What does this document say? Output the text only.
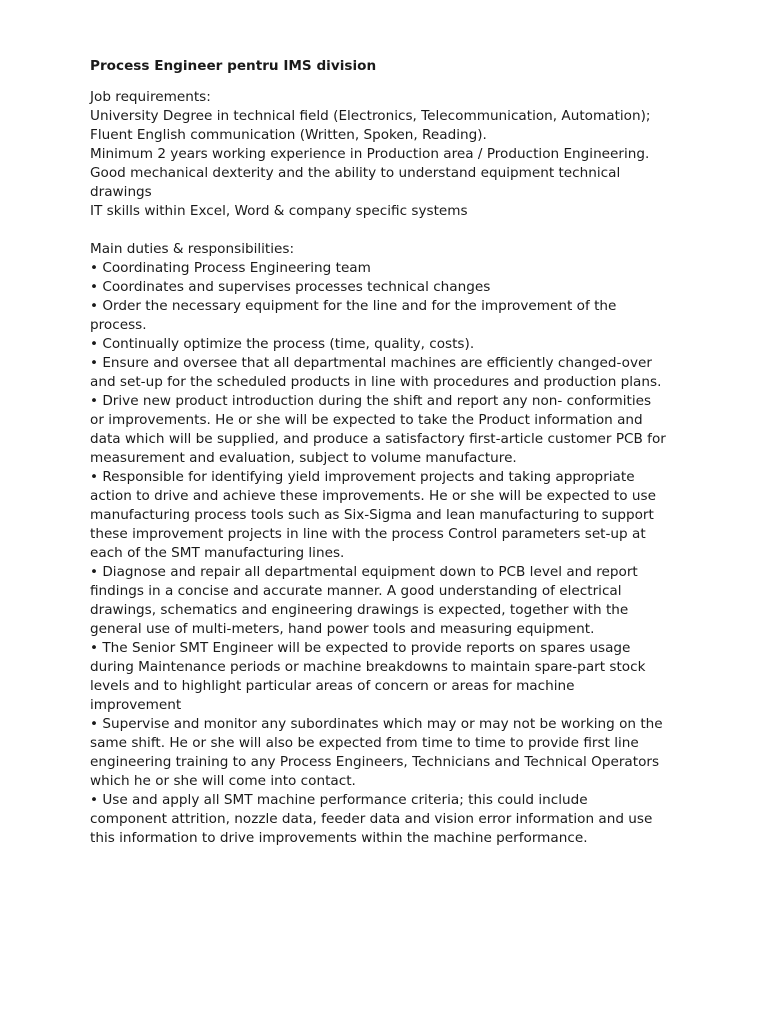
Process Engineer pentru IMS division
Job requirements:
University Degree in technical field (Electronics, Telecommunication, Automation);
Fluent English communication (Written, Spoken, Reading).
Minimum 2 years working experience in Production area / Production Engineering.
Good mechanical dexterity and the ability to understand equipment technical
drawings
IT skills within Excel, Word & company specific systems
Main duties & responsibilities:
• Coordinating Process Engineering team
• Coordinates and supervises processes technical changes
• Order the necessary equipment for the line and for the improvement of the
process.
• Continually optimize the process (time, quality, costs).
• Ensure and oversee that all departmental machines are efficiently changed-over
and set-up for the scheduled products in line with procedures and production plans.
• Drive new product introduction during the shift and report any non- conformities
or improvements. He or she will be expected to take the Product information and
data which will be supplied, and produce a satisfactory first-article customer PCB for
measurement and evaluation, subject to volume manufacture.
• Responsible for identifying yield improvement projects and taking appropriate
action to drive and achieve these improvements. He or she will be expected to use
manufacturing process tools such as Six-Sigma and lean manufacturing to support
these improvement projects in line with the process Control parameters set-up at
each of the SMT manufacturing lines.
• Diagnose and repair all departmental equipment down to PCB level and report
findings in a concise and accurate manner. A good understanding of electrical
drawings, schematics and engineering drawings is expected, together with the
general use of multi-meters, hand power tools and measuring equipment.
• The Senior SMT Engineer will be expected to provide reports on spares usage
during Maintenance periods or machine breakdowns to maintain spare-part stock
levels and to highlight particular areas of concern or areas for machine
improvement
• Supervise and monitor any subordinates which may or may not be working on the
same shift. He or she will also be expected from time to time to provide first line
engineering training to any Process Engineers, Technicians and Technical Operators
which he or she will come into contact.
• Use and apply all SMT machine performance criteria; this could include
component attrition, nozzle data, feeder data and vision error information and use
this information to drive improvements within the machine performance.
